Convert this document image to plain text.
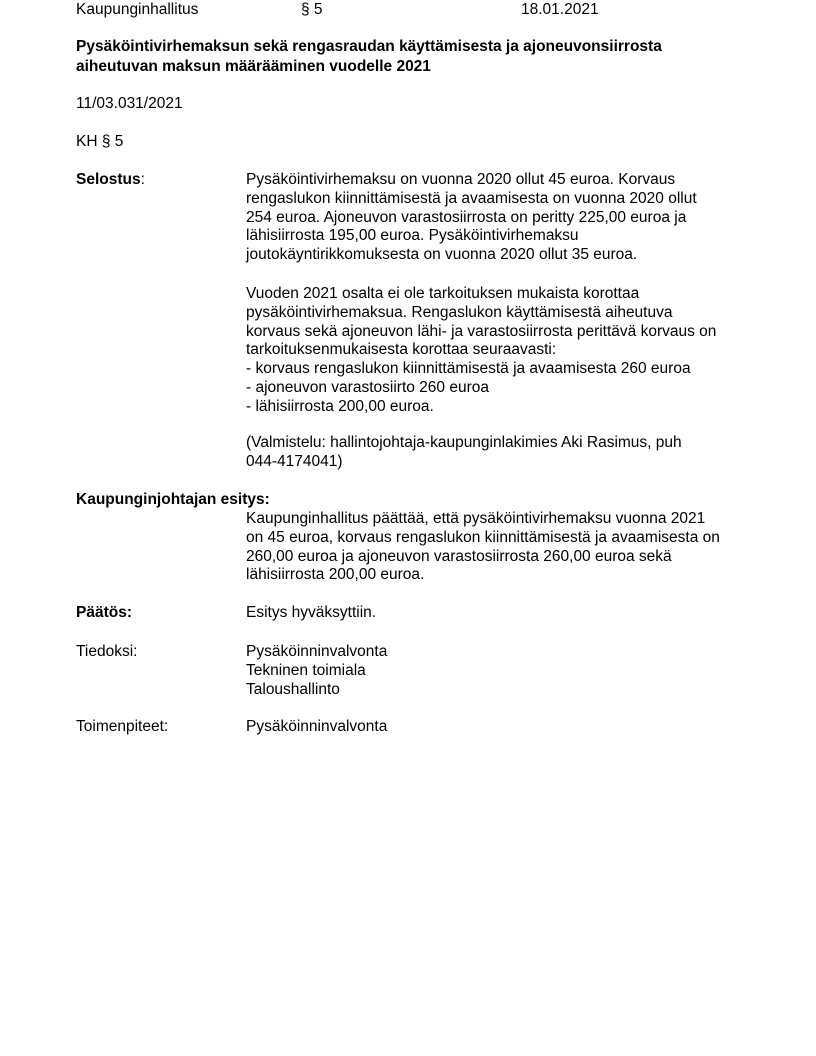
Kaupunginhallitus	§ 5	18.01.2021
Pysäköintivirhemaksun sekä rengasraudan käyttämisesta ja ajoneuvonsiirrosta
aiheutuvan maksun määrääminen vuodelle 2021
11/03.031/2021
KH § 5
Selostus:	Pysäköintivirhemaksu on vuonna 2020 ollut 45 euroa. Korvaus
rengaslukon kiinnittämisestä ja avaamisesta on vuonna 2020 ollut
254 euroa. Ajoneuvon varastosiirrosta on peritty 225,00 euroa ja
lähisiirrosta 195,00 euroa. Pysäköintivirhemaksu
joutokäyntirikkomuksesta on vuonna 2020 ollut 35 euroa.
Vuoden 2021 osalta ei ole tarkoituksen mukaista korottaa
pysäköintivirhemaksua. Rengaslukon käyttämisestä aiheutuva
korvaus sekä ajoneuvon lähi- ja varastosiirrosta perittävä korvaus on
tarkoituksenmukaisesta korottaa seuraavasti:
- korvaus rengaslukon kiinnittämisestä ja avaamisesta 260 euroa
- ajoneuvon varastosiirto 260 euroa
- lähisiirrosta 200,00 euroa.
(Valmistelu: hallintojohtaja-kaupunginlakimies Aki Rasimus, puh
044-4174041)
Kaupunginjohtajan esitys:
Kaupunginhallitus päättää, että pysäköintivirhemaksu vuonna 2021
on 45 euroa, korvaus rengaslukon kiinnittämisestä ja avaamisesta on
260,00 euroa ja ajoneuvon varastosiirrosta 260,00 euroa sekä
lähisiirrosta 200,00 euroa.
Päätös:	Esitys hyväksyttiin.
Tiedoksi:	Pysäköinninvalvonta
Tekninen toimiala
Taloushallinto
Toimenpiteet:	Pysäköinninvalvonta
